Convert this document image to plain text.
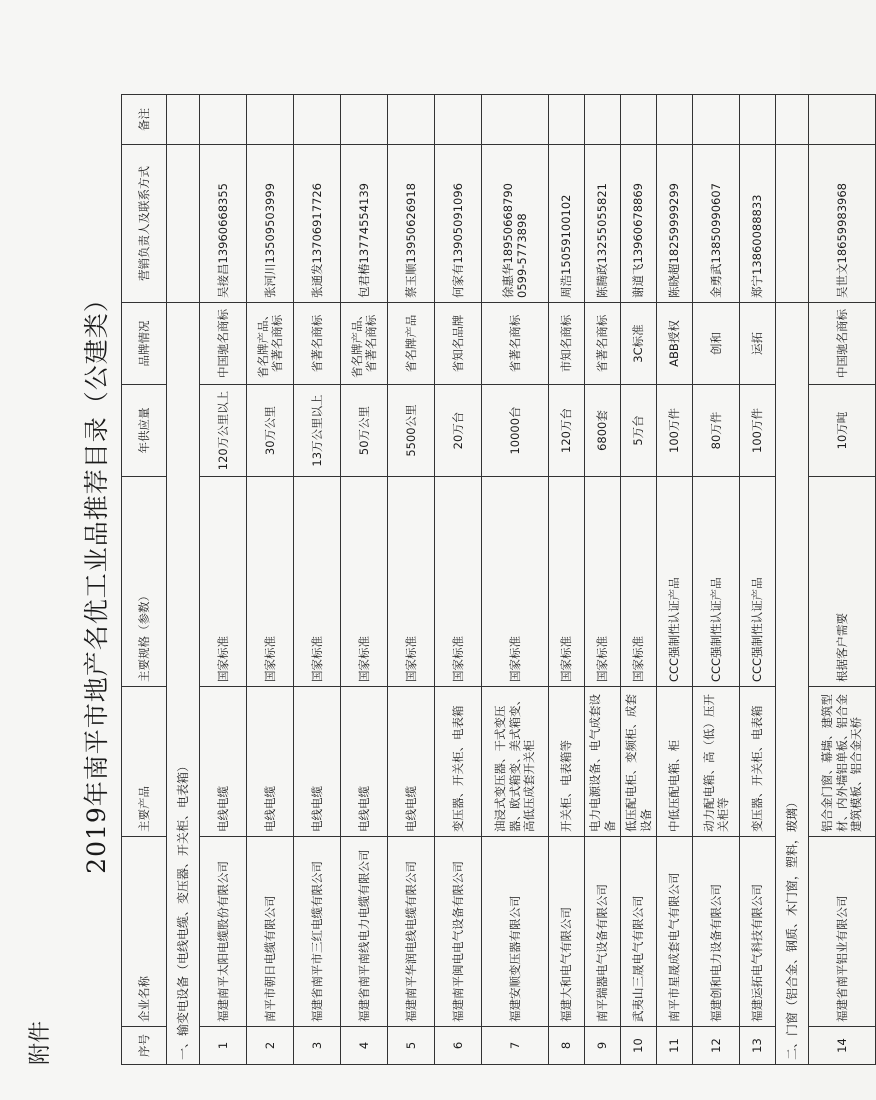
附件
2019年南平市地产名优工业品推荐目录（公建类）
序号	企业名称	主要产品	主要规格（参数）	年供应量	品牌情况	营销负责人及联系方式	备注
一、输变电设备（电线电缆、变压器、开关柜、电表箱）							
1	福建南平太阳电缆股份有限公司	电线电缆	国家标准	120万公里以上	中国驰名商标	吴接昌13960668355	
2	南平市朝日电缆有限公司	电线电缆	国家标准	30万公里	省名牌产品、省著名商标	张河川13509503999	
3	福建省南平市三红电缆有限公司	电线电缆	国家标准	13万公里以上	省著名商标	张通发13706917726	
4	福建省南平南线电力电缆有限公司	电线电缆	国家标准	50万公里	省名牌产品、省著名商标	包君椿13774554139	
5	福建南平华润电线电缆有限公司	电线电缆	国家标准	5500公里	省名牌产品	蔡玉顺13950626918	
6	福建南平闽电电气设备有限公司	变压器、开关柜、电表箱	国家标准	20万台	省知名品牌	何家有13905091096	
7	福建安顺变压器有限公司	油浸式变压器、干式变压器、欧式箱变、美式箱变、高低压成套开关柜	国家标准	10000台	省著名商标	徐惠华18950668790 0599-5773898	
8	福建大和电气有限公司	开关柜、电表箱等	国家标准	120万台	市知名商标	周浩15059100102	
9	南平瑞器电气设备有限公司	电力电源设备、电气成套设备	国家标准	6800套	省著名商标	陈腾政13255055821	
10	武夷山三晟电气有限公司	低压配电柜、变频柜、成套设备	国家标准	5万台	3C标准	谢道飞13960678869	
11	南平市星晟成套电气有限公司	中低压配电箱、柜	CCC强制性认证产品	100万件	ABB授权	陈晓超18259999299	
12	福建创和电力设备有限公司	动力配电箱、高（低）压开关柜等	CCC强制性认证产品	80万件	创和	金勇武13850990607	
13	福建运拓电气科技有限公司	变压器、开关柜、电表箱	CCC强制性认证产品	100万件	运拓	郑宁13860088833	
二、门窗（铝合金、钢质、木门窗，塑料，玻璃）							
14	福建省南平铝业有限公司	铝合金门窗、幕墙、建筑型材、内外墙铝单板、铝合金建筑模板、铝合金天桥	根据客户需要	10万吨	中国驰名商标	吴世文18659983968	
